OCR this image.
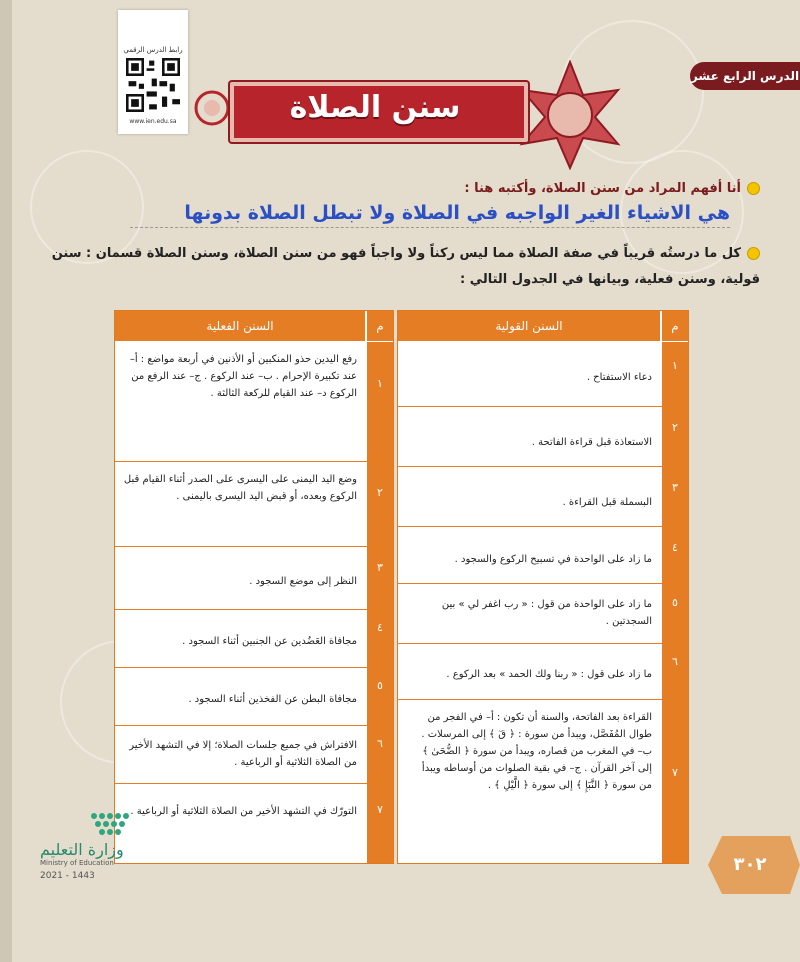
رابط الدرس الرقمي
www.ien.edu.sa
الدرس الرابع عشر
سنن الصلاة
أنا أفهم المراد من سنن الصلاة، وأكتبه هنا :
هي الاشياء الغير الواجبه في الصلاة ولا تبطل الصلاة بدونها
كل ما درستُه قريباً في صفة الصلاة مما ليس ركناً ولا واجباً فهو من سنن الصلاة، وسنن الصلاة قسمان : سنن قولية، وسنن فعلية، وبيانها في الجدول التالي :
السنن الفعلية	م
رفع اليدين حذو المنكبين أو الأذنين في أربعة مواضع : أ– عند تكبيرة الإحرام . ب– عند الركوع . ج– عند الرفع من الركوع د– عند القيام للركعة الثالثة .
١
وضع اليد اليمنى على اليسرى على الصدر أثناء القيام قبل الركوع وبعده، أو قبض اليد اليسرى باليمنى .	٢
النظر إلى موضع السجود .
٣
مجافاة العَضُدين عن الجنبين أثناء السجود .
٤
مجافاة البطن عن الفخذين أثناء السجود .
٥
الافتراش في جميع جلسات الصلاة؛ إلا في التشهد الأخير من الصلاة الثلاثية أو الرباعية .
٦
التورّك في التشهد الأخير من الصلاة الثلاثية أو الرباعية .	٧
السنن القولية	م
دعاء الاستفتاح .
١
الاستعاذة قبل قراءة الفاتحة .
٢
البسملة قبل القراءة .
٣
ما زاد على الواحدة في تسبيح الركوع والسجود .
٤
ما زاد على الواحدة من قول : « رب اغفر لي » بين السجدتين .
٥
ما زاد على قول : « ربنا ولك الحمد » بعد الركوع .
٦
القراءة بعد الفاتحة، والسنة أن تكون : أ– في الفجر من طوال المُفَصَّل، ويبدأ من سورة : ﴿ قٓ ﴾ إلى المرسلات . ب– في المغرب من قصاره، ويبدأ من سورة ﴿ الضُّحَىٰ ﴾ إلى آخر القرآن . ج– في بقية الصلوات من أوساطه ويبدأ من سورة ﴿ النَّبَإِ ﴾ إلى سورة ﴿ الَّيْلِ ﴾ .
٧
٣٠٢
وزارة التعليم
Ministry of Education
2021 - 1443
